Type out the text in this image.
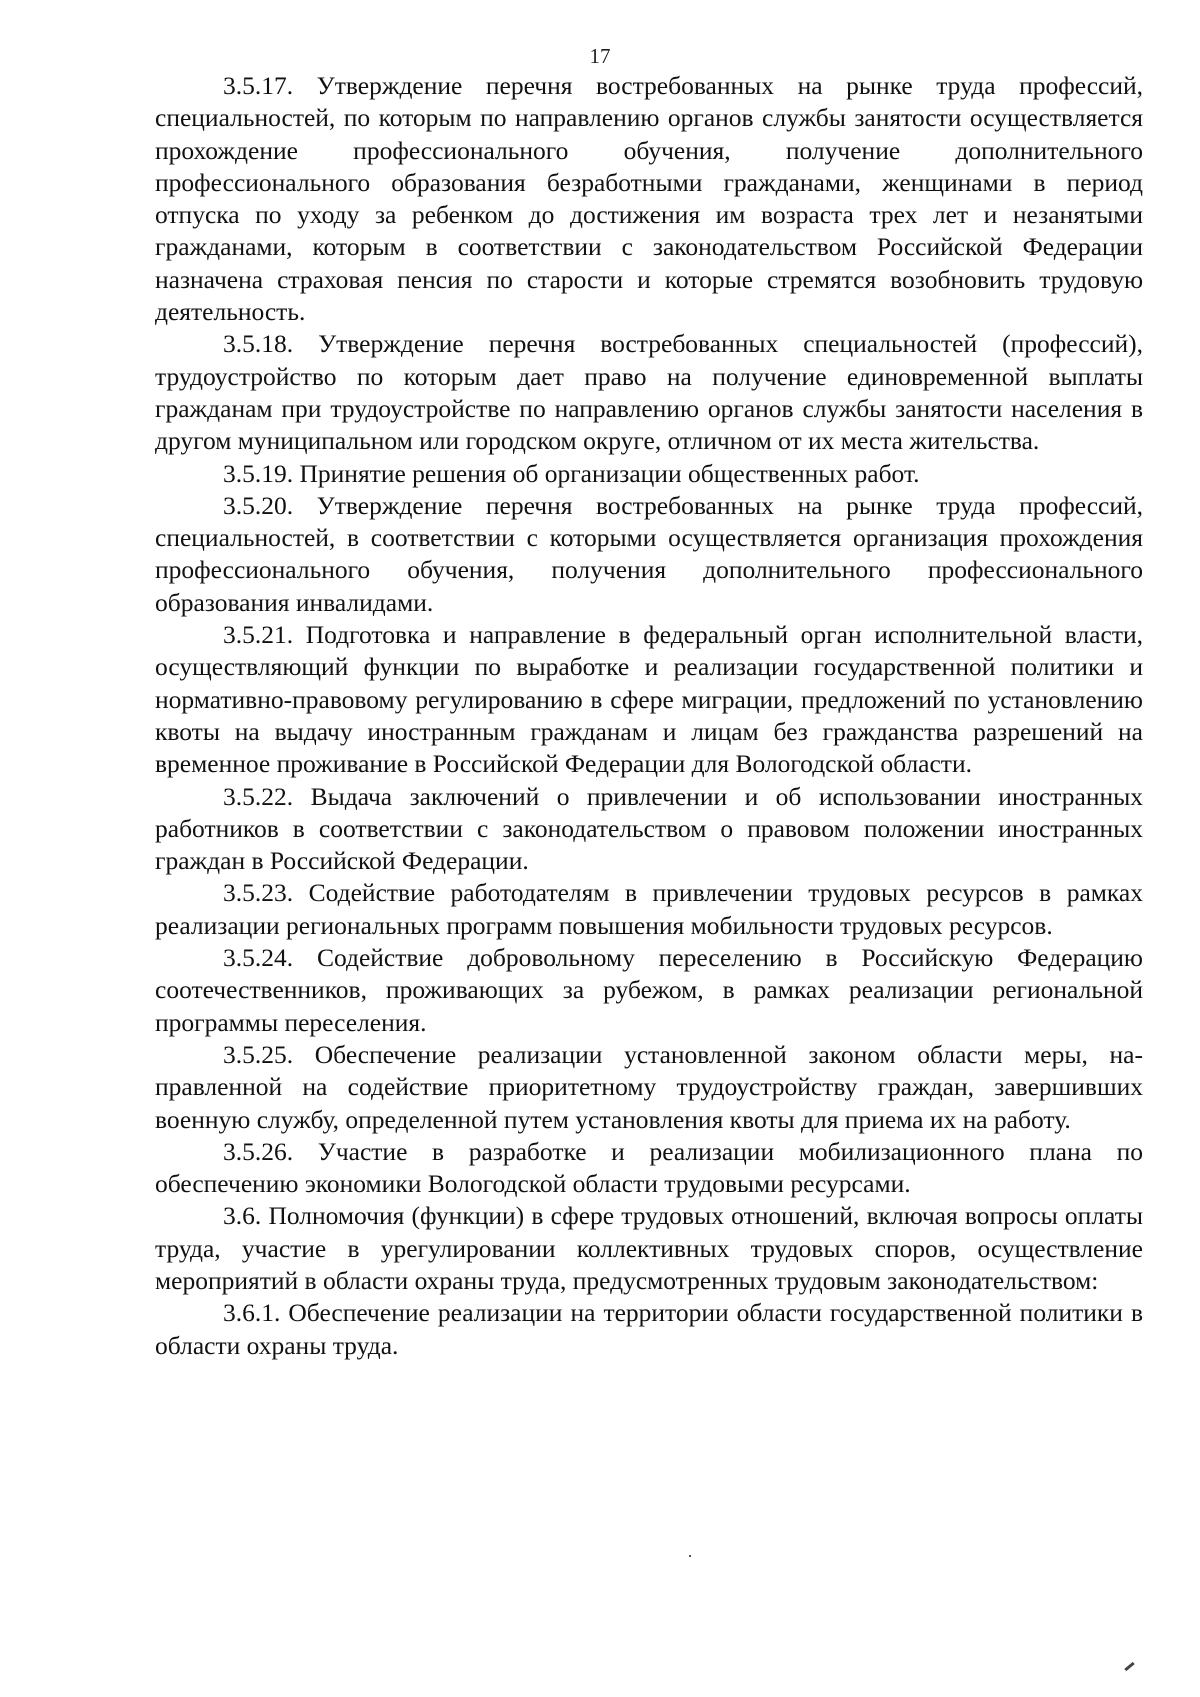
17

3.5.17. Утверждение перечня востребованных на рынке труда профессий, специальностей, по которым по направлению органов службы занятости осуществляется прохождение профессионального обучения, получение дополнительного профессионального образования безработными гражданами, женщинами в период отпуска по уходу за ребенком до достижения им возраста трех лет и незанятыми гражданами, которым в соответствии с законодательством Российской Федерации назначена страховая пенсия по старости и которые стремятся возобновить трудовую деятельность.

3.5.18. Утверждение перечня востребованных специальностей (профессий), трудоустройство по которым дает право на получение единовременной выплаты гражданам при трудоустройстве по направлению органов службы занятости населения в другом муниципальном или городском округе, отличном от их места жительства.

3.5.19. Принятие решения об организации общественных работ.

3.5.20. Утверждение перечня востребованных на рынке труда профессий, специальностей, в соответствии с которыми осуществляется организация прохождения профессионального обучения, получения дополнительного профессионального образования инвалидами.

3.5.21. Подготовка и направление в федеральный орган исполнительной власти, осуществляющий функции по выработке и реализации государственной политики и нормативно-правовому регулированию в сфере миграции, предложений по установлению квоты на выдачу иностранным гражданам и лицам без гражданства разрешений на временное проживание в Российской Федерации для Вологодской области.

3.5.22. Выдача заключений о привлечении и об использовании иностранных работников в соответствии с законодательством о правовом положении иностранных граждан в Российской Федерации.

3.5.23. Содействие работодателям в привлечении трудовых ресурсов в рамках реализации региональных программ повышения мобильности трудовых ресурсов.

3.5.24. Содействие добровольному переселению в Российскую Федерацию соотечественников, проживающих за рубежом, в рамках реализации региональной программы переселения.

3.5.25. Обеспечение реализации установленной законом области меры, направленной на содействие приоритетному трудоустройству граждан, завершивших военную службу, определенной путем установления квоты для приема их на работу.

3.5.26. Участие в разработке и реализации мобилизационного плана по обеспечению экономики Вологодской области трудовыми ресурсами.

3.6. Полномочия (функции) в сфере трудовых отношений, включая вопросы оплаты труда, участие в урегулировании коллективных трудовых споров, осуществление мероприятий в области охраны труда, предусмотренных трудовым законодательством:

3.6.1. Обеспечение реализации на территории области государственной политики в области охраны труда.
